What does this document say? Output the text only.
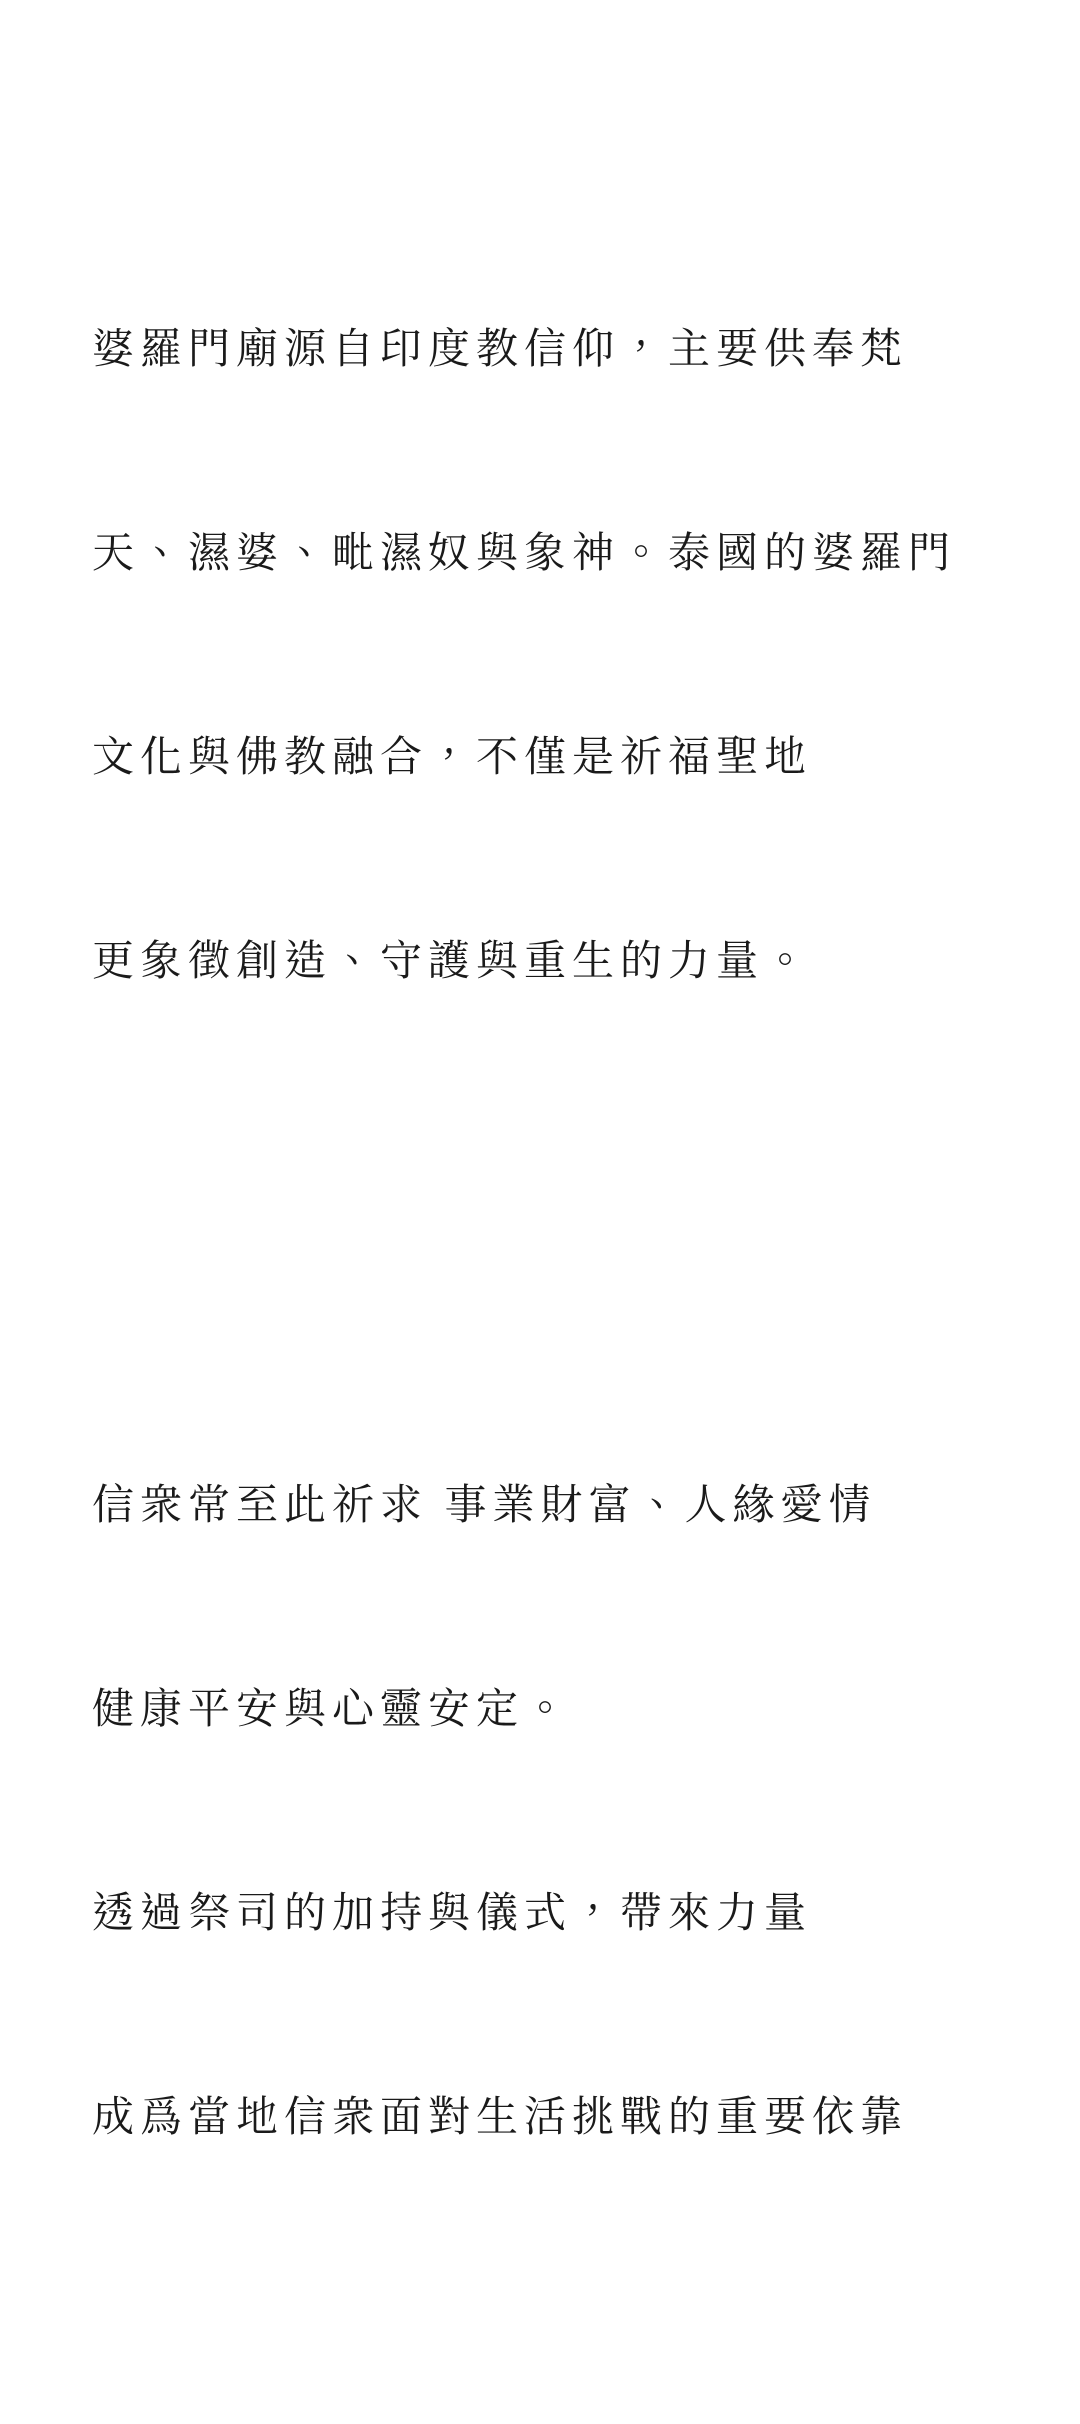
婆羅門廟源自印度教信仰，主要供奉梵

天、濕婆、毗濕奴與象神。泰國的婆羅門

文化與佛教融合，不僅是祈福聖地

更象徵創造、守護與重生的力量。

信衆常至此祈求 事業財富、人緣愛情

健康平安與心靈安定。

透過祭司的加持與儀式，帶來力量

成爲當地信衆面對生活挑戰的重要依靠
